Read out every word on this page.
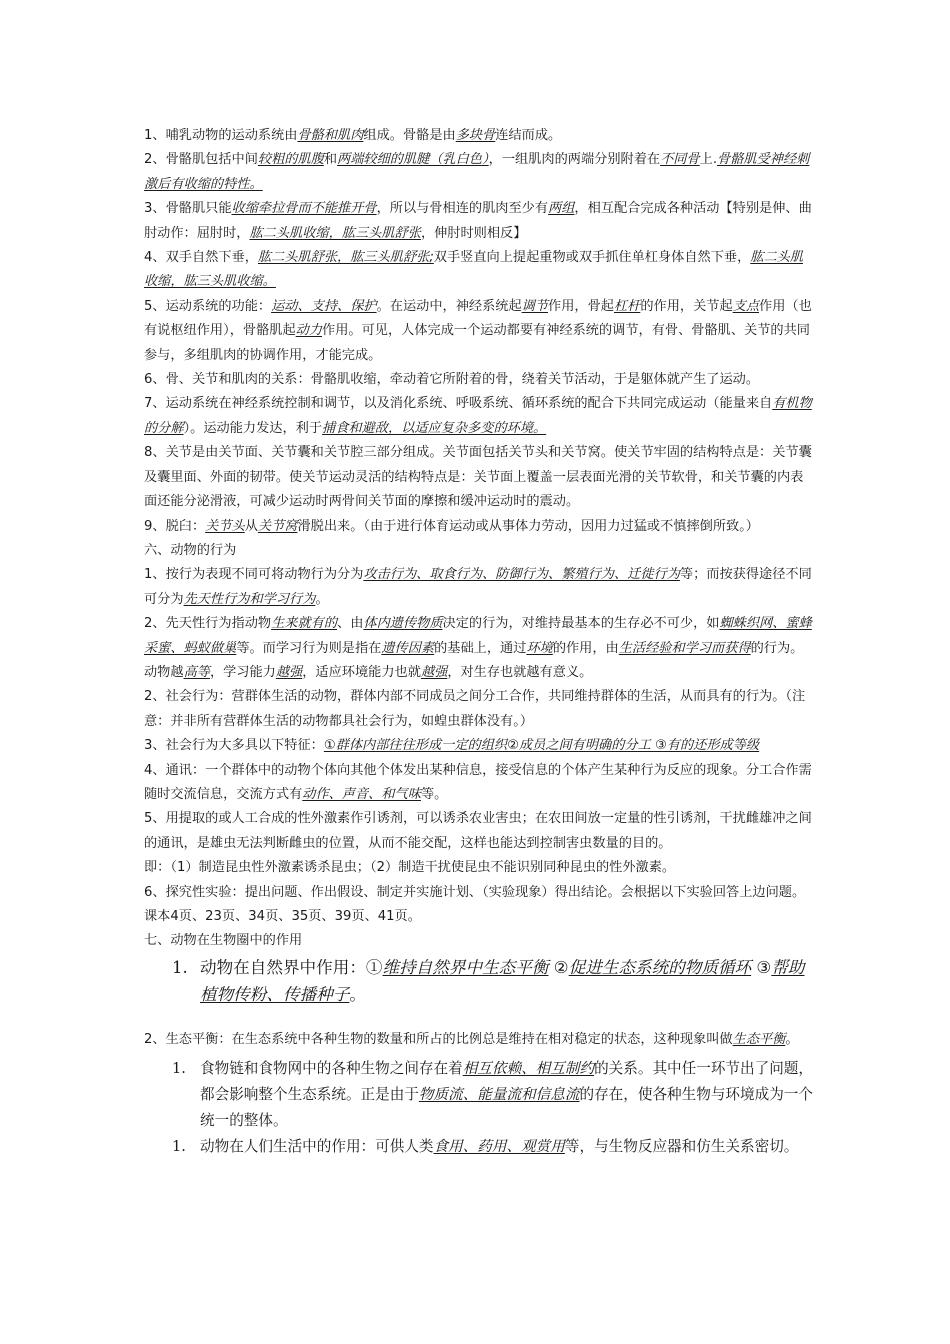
1、哺乳动物的运动系统由骨骼和肌肉组成。骨骼是由多块骨连结而成。

2、骨骼肌包括中间较粗的肌腹和两端较细的肌腱（乳白色），一组肌肉的两端分别附着在不同骨上.骨骼肌受神经刺激后有收缩的特性。

3、骨骼肌只能收缩牵拉骨而不能推开骨，所以与骨相连的肌肉至少有两组，相互配合完成各种活动【特别是伸、曲肘动作：屈肘时，肱二头肌收缩，肱三头肌舒张，伸肘时则相反】

4、双手自然下垂，肱二头肌舒张，肱三头肌舒张;双手竖直向上提起重物或双手抓住单杠身体自然下垂，肱二头肌收缩，肱三头肌收缩。

5、运动系统的功能：运动、支持、保护。在运动中，神经系统起调节作用，骨起杠杆的作用，关节起支点作用（也有说枢纽作用），骨骼肌起动力作用。可见，人体完成一个运动都要有神经系统的调节，有骨、骨骼肌、关节的共同参与，多组肌肉的协调作用，才能完成。

6、骨、关节和肌肉的关系：骨骼肌收缩，牵动着它所附着的骨，绕着关节活动，于是躯体就产生了运动。

7、运动系统在神经系统控制和调节，以及消化系统、呼吸系统、循环系统的配合下共同完成运动（能量来自有机物的分解）。运动能力发达，利于捕食和避敌，以适应复杂多变的环境。

8、关节是由关节面、关节囊和关节腔三部分组成。关节面包括关节头和关节窝。使关节牢固的结构特点是：关节囊及囊里面、外面的韧带。使关节运动灵活的结构特点是：关节面上覆盖一层表面光滑的关节软骨，和关节囊的内表面还能分泌滑液，可减少运动时两骨间关节面的摩擦和缓冲运动时的震动。

9、脱臼：关节头从关节窝滑脱出来。（由于进行体育运动或从事体力劳动，因用力过猛或不慎摔倒所致。）

六、动物的行为

1、按行为表现不同可将动物行为分为攻击行为、取食行为、防御行为、繁殖行为、迁徙行为等；而按获得途径不同可分为先天性行为和学习行为。

2、先天性行为指动物生来就有的、由体内遗传物质决定的行为，对维持最基本的生存必不可少，如蜘蛛织网、蜜蜂采蜜、蚂蚁做巢等。而学习行为则是指在遗传因素的基础上，通过环境的作用，由生活经验和学习而获得的行为。动物越高等，学习能力越强，适应环境能力也就越强，对生存也就越有意义。

2、社会行为：营群体生活的动物，群体内部不同成员之间分工合作，共同维持群体的生活，从而具有的行为。（注意：并非所有营群体生活的动物都具社会行为，如蝗虫群体没有。）

3、社会行为大多具以下特征：①群体内部往往形成一定的组织②成员之间有明确的分工 ③有的还形成等级

4、通讯：一个群体中的动物个体向其他个体发出某种信息，接受信息的个体产生某种行为反应的现象。分工合作需随时交流信息，交流方式有动作、声音、和气味等。

5、用提取的或人工合成的性外激素作引诱剂，可以诱杀农业害虫；在农田间放一定量的性引诱剂，干扰雌雄冲之间的通讯，是雄虫无法判断雌虫的位置，从而不能交配，这样也能达到控制害虫数量的目的。

即：（1）制造昆虫性外激素诱杀昆虫；（2）制造干扰使昆虫不能识别同种昆虫的性外激素。

6、探究性实验：提出问题、作出假设、制定并实施计划、（实验现象）得出结论。会根据以下实验回答上边问题。课本4页、23页、34页、35页、39页、41页。

七、动物在生物圈中的作用

1. 动物在自然界中作用：①维持自然界中生态平衡 ②促进生态系统的物质循环 ③帮助植物传粉、传播种子。

2、生态平衡：在生态系统中各种生物的数量和所占的比例总是维持在相对稳定的状态，这种现象叫做生态平衡。

1. 食物链和食物网中的各种生物之间存在着相互依赖、相互制约的关系。其中任一环节出了问题，都会影响整个生态系统。正是由于物质流、能量流和信息流的存在，使各种生物与环境成为一个统一的整体。
1. 动物在人们生活中的作用：可供人类食用、药用、观赏用等，与生物反应器和仿生关系密切。
